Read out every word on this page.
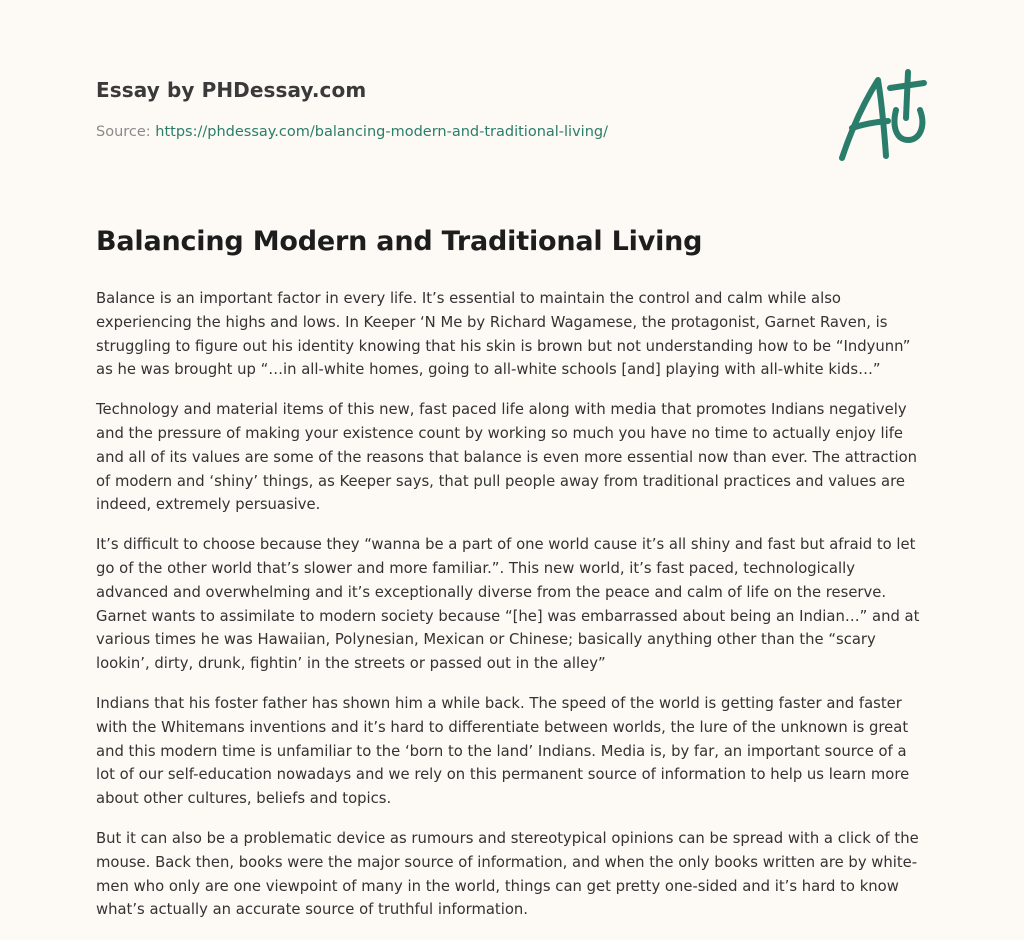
Essay by PHDessay.com
Source: https://phdessay.com/balancing-modern-and-traditional-living/
Balancing Modern and Traditional Living

Balance is an important factor in every life. It’s essential to maintain the control and calm while also experiencing the highs and lows. In Keeper ‘N Me by Richard Wagamese, the protagonist, Garnet Raven, is struggling to figure out his identity knowing that his skin is brown but not understanding how to be “Indyunn” as he was brought up “…in all-white homes, going to all-white schools [and] playing with all-white kids…”

Technology and material items of this new, fast paced life along with media that promotes Indians negatively and the pressure of making your existence count by working so much you have no time to actually enjoy life and all of its values are some of the reasons that balance is even more essential now than ever. The attraction of modern and ‘shiny’ things, as Keeper says, that pull people away from traditional practices and values are indeed, extremely persuasive.

It’s difficult to choose because they “wanna be a part of one world cause it’s all shiny and fast but afraid to let go of the other world that’s slower and more familiar.”. This new world, it’s fast paced, technologically advanced and overwhelming and it’s exceptionally diverse from the peace and calm of life on the reserve. Garnet wants to assimilate to modern society because “[he] was embarrassed about being an Indian…” and at various times he was Hawaiian, Polynesian, Mexican or Chinese; basically anything other than the “scary lookin’, dirty, drunk, fightin’ in the streets or passed out in the alley”

Indians that his foster father has shown him a while back. The speed of the world is getting faster and faster with the Whitemans inventions and it’s hard to differentiate between worlds, the lure of the unknown is great and this modern time is unfamiliar to the ‘born to the land’ Indians. Media is, by far, an important source of a lot of our self-education nowadays and we rely on this permanent source of information to help us learn more about other cultures, beliefs and topics.

But it can also be a problematic device as rumours and stereotypical opinions can be spread with a click of the mouse. Back then, books were the major source of information, and when the only books written are by white-men who only are one viewpoint of many in the world, things can get pretty one-sided and it’s hard to know what’s actually an accurate source of truthful information.
